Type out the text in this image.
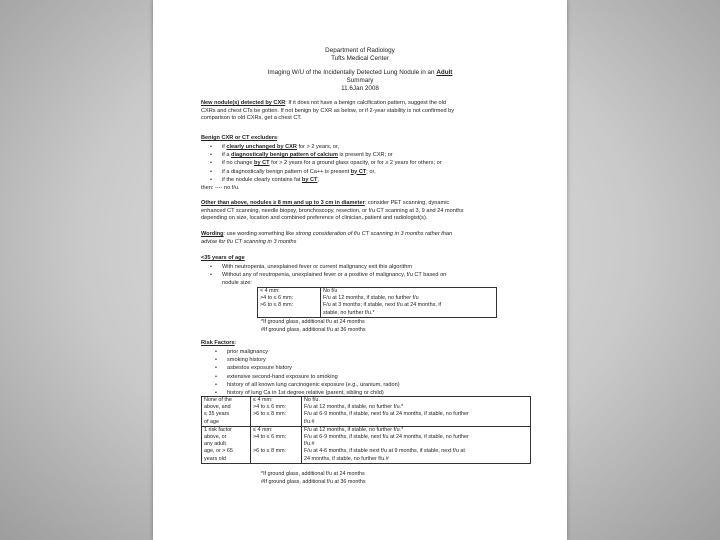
Department of Radiology
Tufts Medical Center
Imaging W/U of the Incidentally Detected Lung Nodule in an Adult
Summary
11.6Jan 2008
New nodule(s) detected by CXR: If it does not have a benign calcification pattern, suggest the old
CXRs and chest CTs be gotten. If not benign by CXR as below, or if 2-year stability is not confirmed by
comparison to old CXRs, get a chest CT.
Benign CXR or CT excluders:
• if clearly unchanged by CXR for > 2 years, or,
• if a diagnostically benign pattern of calcium is present by CXR; or
• if no change by CT for > 2 years for a ground glass opacity, or for ≥ 2 years for others; or
• if a diagnostically benign pattern of Ca++ is present by CT; or,
• if the nodule clearly contains fat by CT,
then: ---- no f/u.
Other than above, nodules ≥ 8 mm and up to 3 cm in diameter: consider PET scanning, dynamic
enhanced CT scanning, needle biopsy, bronchoscopy, resection, or f/u CT scanning at 3, 9 and 24 months
depending on size, location and combined preference of clinician, patient and radiologist(s).
Wording: use wording something like strong consideration of f/u CT scanning in 3 months rather than
advise for f/u CT scanning in 3 months
<35 years of age
• With neutropenia, unexplained fever or current malignancy exit this algorithm
• Without any of neutropenia, unexplained fever or a positive of malignancy, f/u CT based on
nodule size:
< 4 mm:	No f/u
>4 to ≤ 6 mm:	F/u at 12 months, if stable, no further f/u
>6 to ≤ 8 mm:	F/u at 3 months; if stable, next f/u at 24 months, if
	stable, no further f/u.*
*If ground glass, additional f/u at 24 months
#If ground glass, additional f/u at 36 months
Risk Factors:
• prior malignancy
• smoking history
• asbestos exposure history
• extensive second-hand exposure to smoking
• history of all known lung carcinogenic exposure (e.g., uranium, radon)
• history of lung Ca in 1st degree relative (parent, sibling or child)
None of the	≤ 4 mm:	No f/u.
above, and	>4 to ≤ 6 mm:	F/u at 12 months, if stable, no further f/u.*
≤ 35 years	>6 to ≤ 8 mm:	F/u at 6-9 months, if stable, next f/u at 24 months, if stable, no further
of age		f/u.#
1 risk factor	≤ 4 mm:	F/u at 12 months, if stable, no further f/u.*
above, or	>4 to ≤ 6 mm:	F/u at 6-9 months, if stable, next f/u at 24 months, if stable, no further
any adult		f/u.#
age, or > 65	>6 to ≤ 8 mm:	F/u at 4-6 months, if stable next f/u at 9 months, if stable, next f/u at
years old		24 months, if stable, no further f/u.#
*If ground glass, additional f/u at 24 months
#If ground glass, additional f/u at 36 months
